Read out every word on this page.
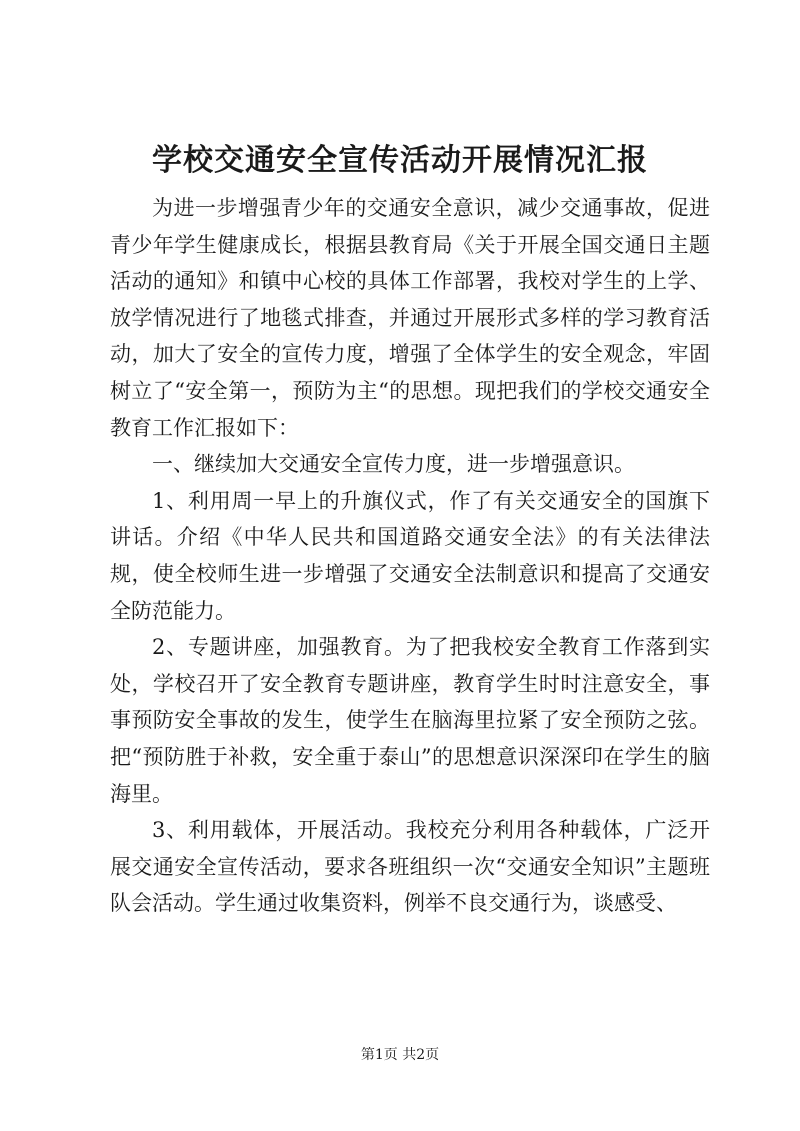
学校交通安全宣传活动开展情况汇报

为进一步增强青少年的交通安全意识，减少交通事故，促进青少年学生健康成长，根据县教育局《关于开展全国交通日主题活动的通知》和镇中心校的具体工作部署，我校对学生的上学、放学情况进行了地毯式排查，并通过开展形式多样的学习教育活动，加大了安全的宣传力度，增强了全体学生的安全观念，牢固树立了“安全第一，预防为主“的思想。现把我们的学校交通安全教育工作汇报如下：

一、继续加大交通安全宣传力度，进一步增强意识。

1、利用周一早上的升旗仪式，作了有关交通安全的国旗下讲话。介绍《中华人民共和国道路交通安全法》的有关法律法规，使全校师生进一步增强了交通安全法制意识和提高了交通安全防范能力。

2、专题讲座，加强教育。为了把我校安全教育工作落到实处，学校召开了安全教育专题讲座，教育学生时时注意安全，事事预防安全事故的发生，使学生在脑海里拉紧了安全预防之弦。把“预防胜于补救，安全重于泰山”的思想意识深深印在学生的脑海里。

3、利用载体，开展活动。我校充分利用各种载体，广泛开展交通安全宣传活动，要求各班组织一次“交通安全知识”主题班队会活动。学生通过收集资料，例举不良交通行为，谈感受、

第1页 共2页
